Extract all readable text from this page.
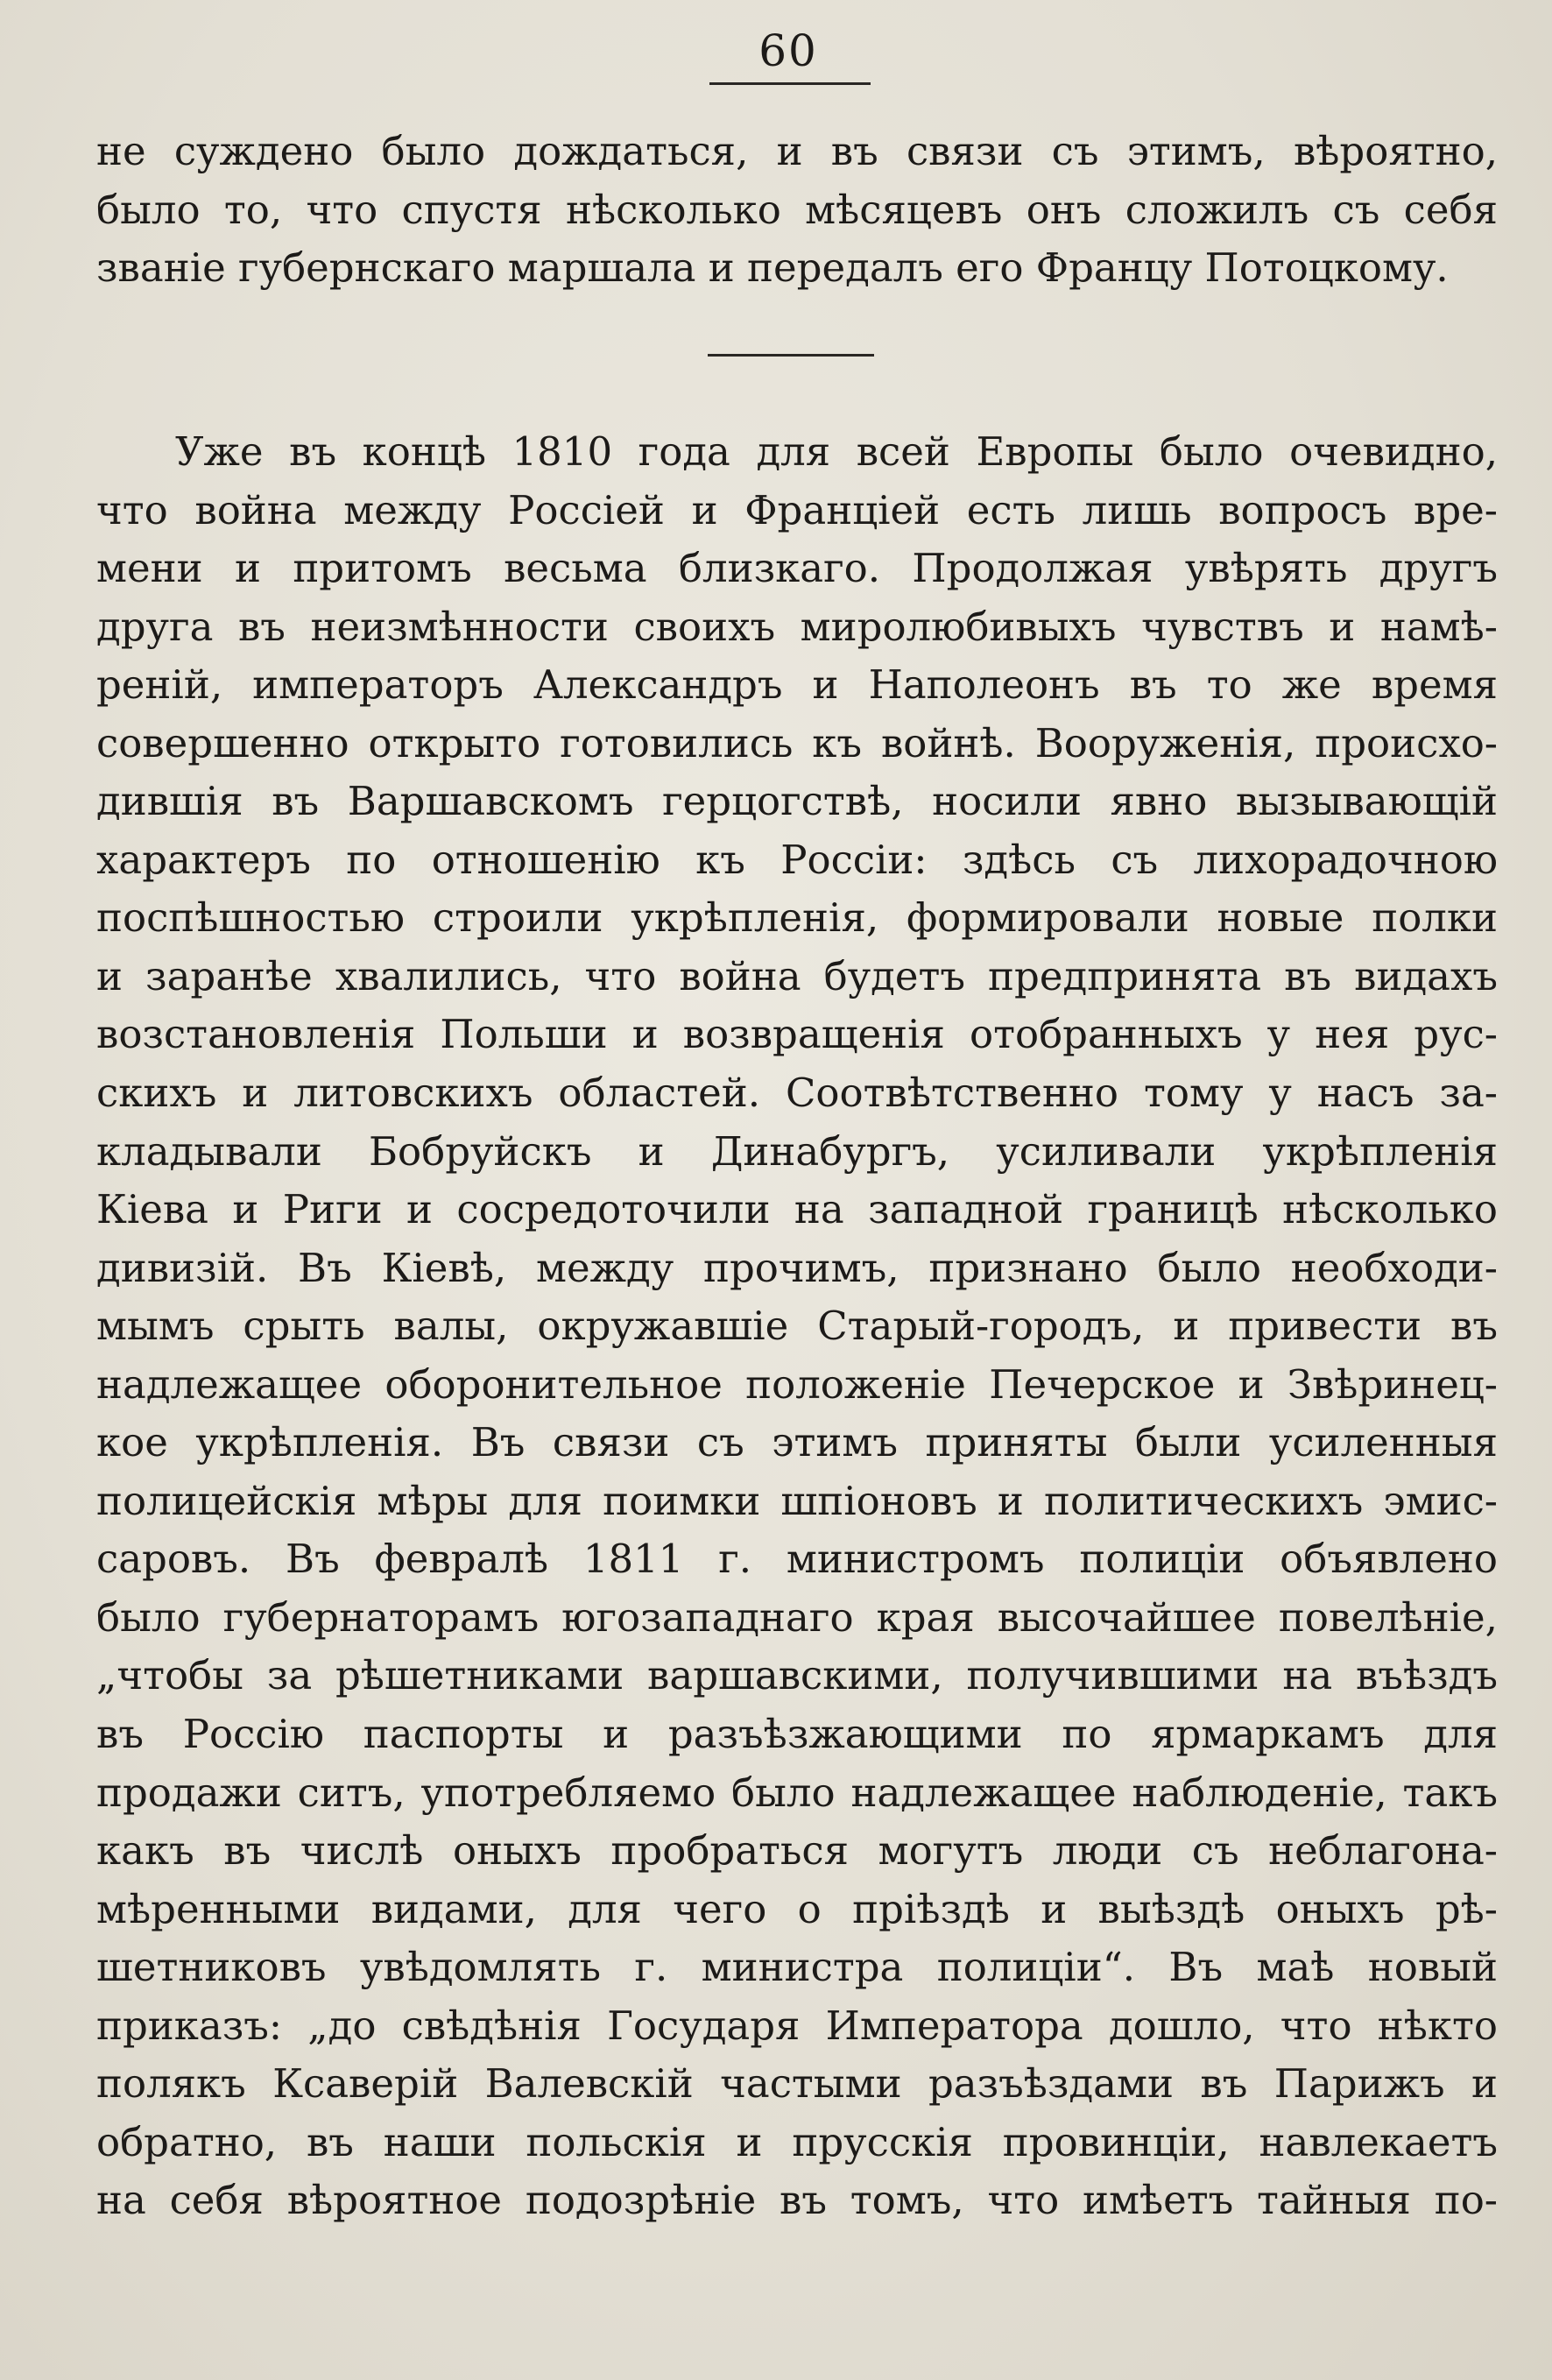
60
не суждено было дождаться, и въ связи съ этимъ, вѣроятно,
было то, что спустя нѣсколько мѣсяцевъ онъ сложилъ съ себя
званіе губернскаго маршала и передалъ его Францу Потоцкому.
Уже въ концѣ 1810 года для всей Европы было очевидно,
что война между Россіей и Франціей есть лишь вопросъ вре-
мени и притомъ весьма близкаго. Продолжая увѣрять другъ
друга въ неизмѣнности своихъ миролюбивыхъ чувствъ и намѣ-
реній, императоръ Александръ и Наполеонъ въ то же время
совершенно открыто готовились къ войнѣ. Вооруженія, происхо-
дившія въ Варшавскомъ герцогствѣ, носили явно вызывающій
характеръ по отношенію къ Россіи: здѣсь съ лихорадочною
поспѣшностью строили укрѣпленія, формировали новые полки
и заранѣе хвалились, что война будетъ предпринята въ видахъ
возстановленія Польши и возвращенія отобранныхъ у нея рус-
скихъ и литовскихъ областей. Соотвѣтственно тому у насъ за-
кладывали Бобруйскъ и Динабургъ, усиливали укрѣпленія
Кіева и Риги и сосредоточили на западной границѣ нѣсколько
дивизій. Въ Кіевѣ, между прочимъ, признано было необходи-
мымъ срыть валы, окружавшіе Старый-городъ, и привести въ
надлежащее оборонительное положеніе Печерское и Звѣринец-
кое укрѣпленія. Въ связи съ этимъ приняты были усиленныя
полицейскія мѣры для поимки шпіоновъ и политическихъ эмис-
саровъ. Въ февралѣ 1811 г. министромъ полиціи объявлено
было губернаторамъ югозападнаго края высочайшее повелѣніе,
„чтобы за рѣшетниками варшавскими, получившими на въѣздъ
въ Россію паспорты и разъѣзжающими по ярмаркамъ для
продажи ситъ, употребляемо было надлежащее наблюденіе, такъ
какъ въ числѣ оныхъ пробраться могутъ люди съ неблагона-
мѣренными видами, для чего о пріѣздѣ и выѣздѣ оныхъ рѣ-
шетниковъ увѣдомлять г. министра полиціи“. Въ маѣ новый
приказъ: „до свѣдѣнія Государя Императора дошло, что нѣкто
полякъ Ксаверій Валевскій частыми разъѣздами въ Парижъ и
обратно, въ наши польскія и прусскія провинціи, навлекаетъ
на себя вѣроятное подозрѣніе въ томъ, что имѣетъ тайныя по-
